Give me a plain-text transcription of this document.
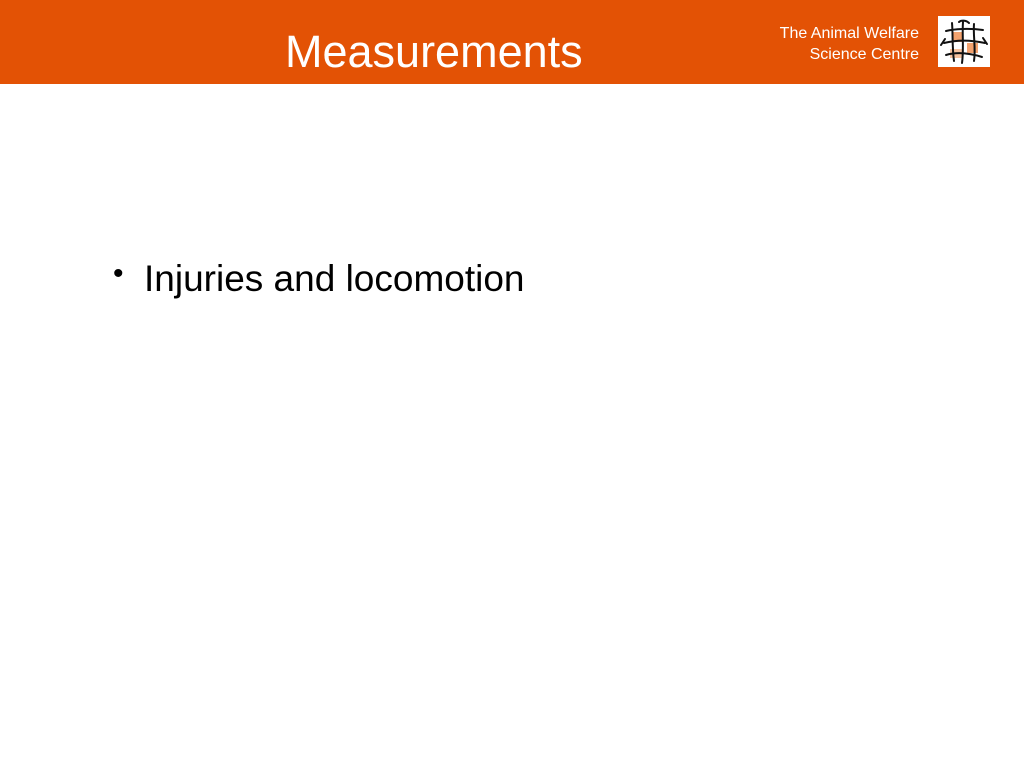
Measurements	The Animal Welfare
Science Centre
• Injuries and locomotion
